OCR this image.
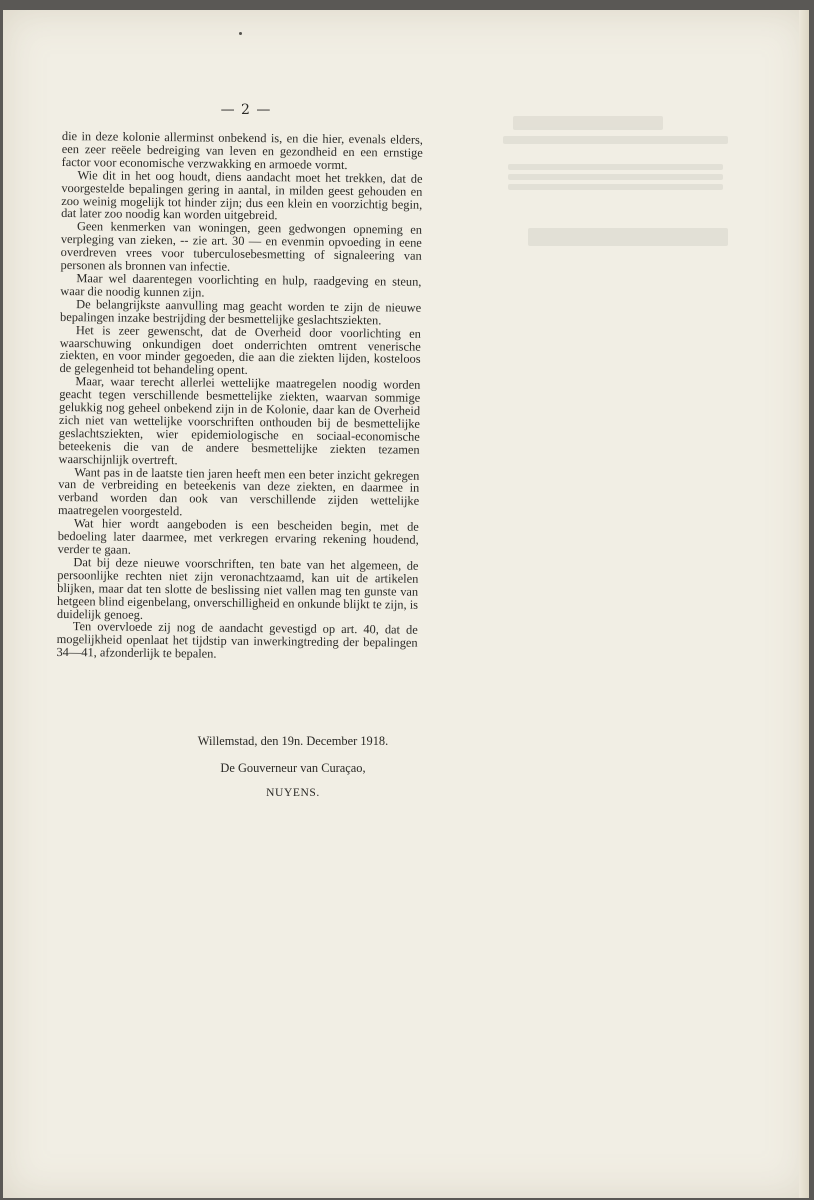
— 2 —

die in deze kolonie allerminst onbekend is, en die hier, evenals elders, een zeer reëele bedreiging van leven en gezondheid en een ernstige factor voor economische verzwakking en armoede vormt.

Wie dit in het oog houdt, diens aandacht moet het trekken, dat de voorgestelde bepalingen gering in aantal, in milden geest gehouden en zoo weinig mogelijk tot hinder zijn; dus een klein en voorzichtig begin, dat later zoo noodig kan worden uitgebreid.

Geen kenmerken van woningen, geen gedwongen opneming en verpleging van zieken, -- zie art. 30 — en evenmin opvoeding in eene overdreven vrees voor tuberculosebesmetting of signaleering van personen als bronnen van infectie.

Maar wel daarentegen voorlichting en hulp, raadgeving en steun, waar die noodig kunnen zijn.

De belangrijkste aanvulling mag geacht worden te zijn de nieuwe bepalingen inzake bestrijding der besmettelijke geslachtsziekten.

Het is zeer gewenscht, dat de Overheid door voorlichting en waarschuwing onkundigen doet onderrichten omtrent venerische ziekten, en voor minder gegoeden, die aan die ziekten lijden, kosteloos de gelegenheid tot behandeling opent.

Maar, waar terecht allerlei wettelijke maatregelen noodig worden geacht tegen verschillende besmettelijke ziekten, waarvan sommige gelukkig nog geheel onbekend zijn in de Kolonie, daar kan de Overheid zich niet van wettelijke voorschriften onthouden bij de besmettelijke geslachtsziekten, wier epidemiologische en sociaal-economische beteekenis die van de andere besmettelijke ziekten tezamen waarschijnlijk overtreft.

Want pas in de laatste tien jaren heeft men een beter inzicht gekregen van de verbreiding en beteekenis van deze ziekten, en daarmee in verband worden dan ook van verschillende zijden wettelijke maatregelen voorgesteld.

Wat hier wordt aangeboden is een bescheiden begin, met de bedoeling later daarmee, met verkregen ervaring rekening houdend, verder te gaan.

Dat bij deze nieuwe voorschriften, ten bate van het algemeen, de persoonlijke rechten niet zijn veronachtzaamd, kan uit de artikelen blijken, maar dat ten slotte de beslissing niet vallen mag ten gunste van hetgeen blind eigenbelang, onverschilligheid en onkunde blijkt te zijn, is duidelijk genoeg.

Ten overvloede zij nog de aandacht gevestigd op art. 40, dat de mogelijkheid openlaat het tijdstip van inwerkingtreding der bepalingen 34—41, afzonderlijk te bepalen.

Willemstad, den 19n. December 1918.
De Gouverneur van Curaçao,
NUYENS.
